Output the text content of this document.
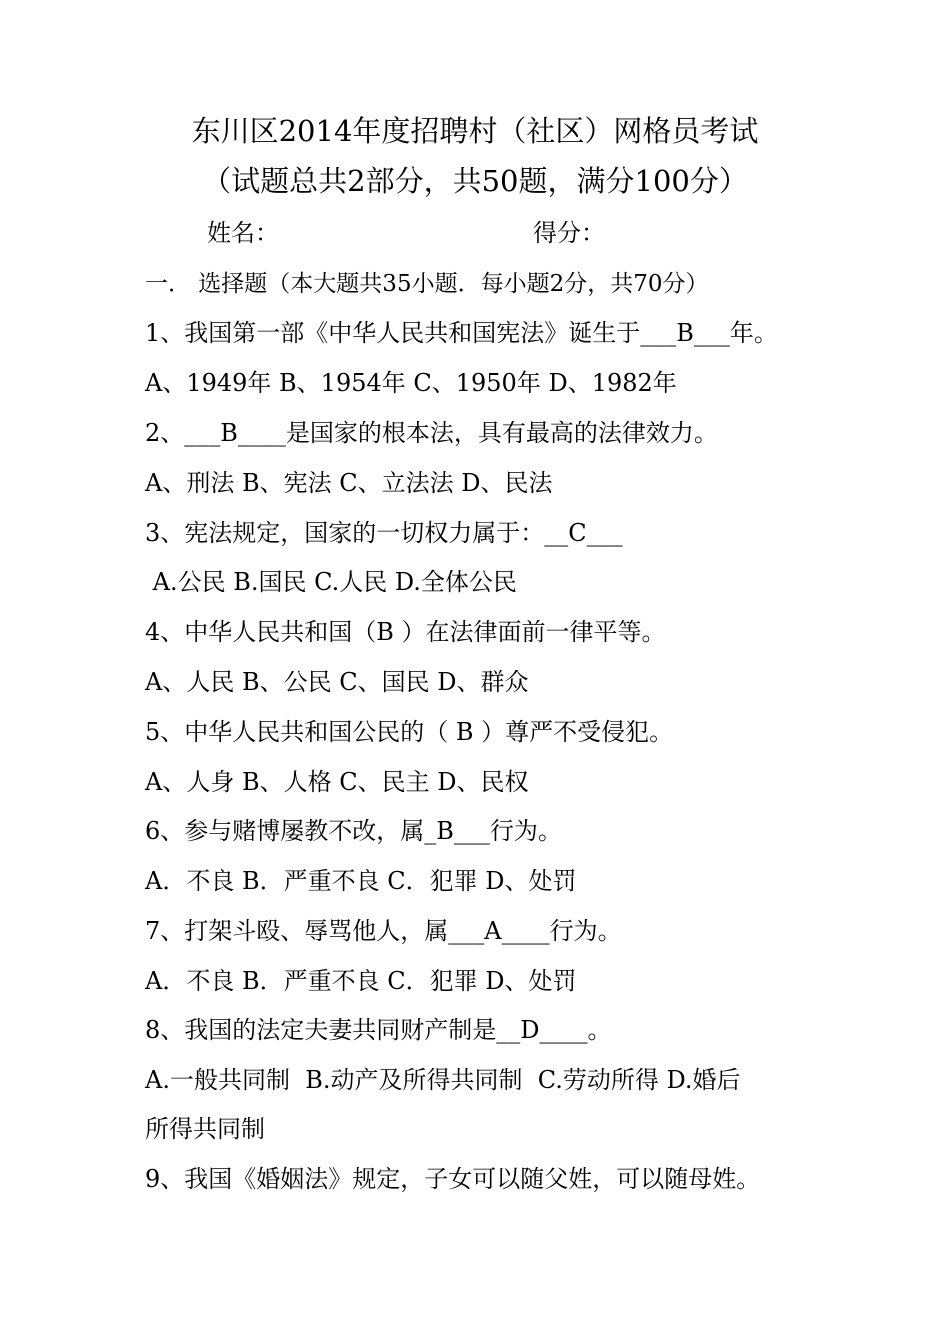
东川区2014年度招聘村（社区）网格员考试
（试题总共2部分，共50题，满分100分）
姓名：	得分：
一． 选择题（本大题共35小题．每小题2分，共70分）
1、我国第一部《中华人民共和国宪法》诞生于___B___年。
A、1949年 B、1954年 C、1950年 D、1982年
2、___B____是国家的根本法，具有最高的法律效力。
A、刑法 B、宪法 C、立法法 D、民法
3、宪法规定，国家的一切权力属于：__C___
A.公民 B.国民 C.人民 D.全体公民
4、中华人民共和国（B ）在法律面前一律平等。
A、人民 B、公民 C、国民 D、群众
5、中华人民共和国公民的（ B ）尊严不受侵犯。
A、人身 B、人格 C、民主 D、民权
6、参与赌博屡教不改，属_B___行为。
A．不良 B．严重不良 C．犯罪 D、处罚
7、打架斗殴、辱骂他人，属___A____行为。
A．不良 B．严重不良 C．犯罪 D、处罚
8、我国的法定夫妻共同财产制是__D____。
A.一般共同制  B.动产及所得共同制  C.劳动所得 D.婚后
所得共同制
9、我国《婚姻法》规定，子女可以随父姓，可以随母姓。
